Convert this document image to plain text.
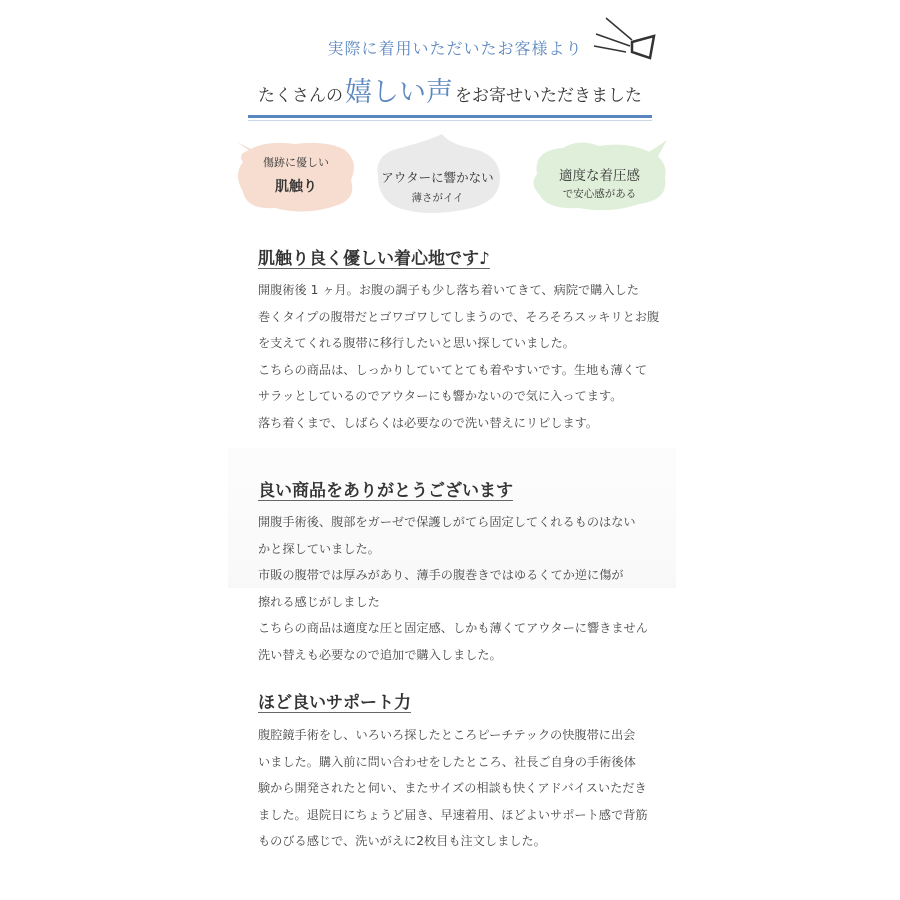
実際に着用いただいたお客様より
たくさんの嬉しい声 をお寄せいただきました
傷跡に優しい
肌触り
アウターに響かない
薄さがイイ
適度な着圧感
で安心感がある
肌触り良く優しい着心地です♪
開腹術後 1 ヶ月。お腹の調子も少し落ち着いてきて、病院で購入した
巻くタイプの腹帯だとゴワゴワしてしまうので、そろそろスッキリとお腹
を支えてくれる腹帯に移行したいと思い探していました。
こちらの商品は、しっかりしていてとても着やすいです。生地も薄くて
サラッとしているのでアウターにも響かないので気に入ってます。
落ち着くまで、しばらくは必要なので洗い替えにリピします。
良い商品をありがとうございます
開腹手術後、腹部をガーゼで保護しがてら固定してくれるものはない
かと探していました。
市販の腹帯では厚みがあり、薄手の腹巻きではゆるくてか逆に傷が
擦れる感じがしました
こちらの商品は適度な圧と固定感、しかも薄くてアウターに響きません
洗い替えも必要なので追加で購入しました。
ほど良いサポート力
腹腔鏡手術をし、いろいろ探したところピーチテックの快腹帯に出会
いました。購入前に問い合わせをしたところ、社長ご自身の手術後体
験から開発されたと伺い、またサイズの相談も快くアドバイスいただき
ました。退院日にちょうど届き、早速着用、ほどよいサポート感で背筋
ものびる感じで、洗いがえに2枚目も注文しました。
